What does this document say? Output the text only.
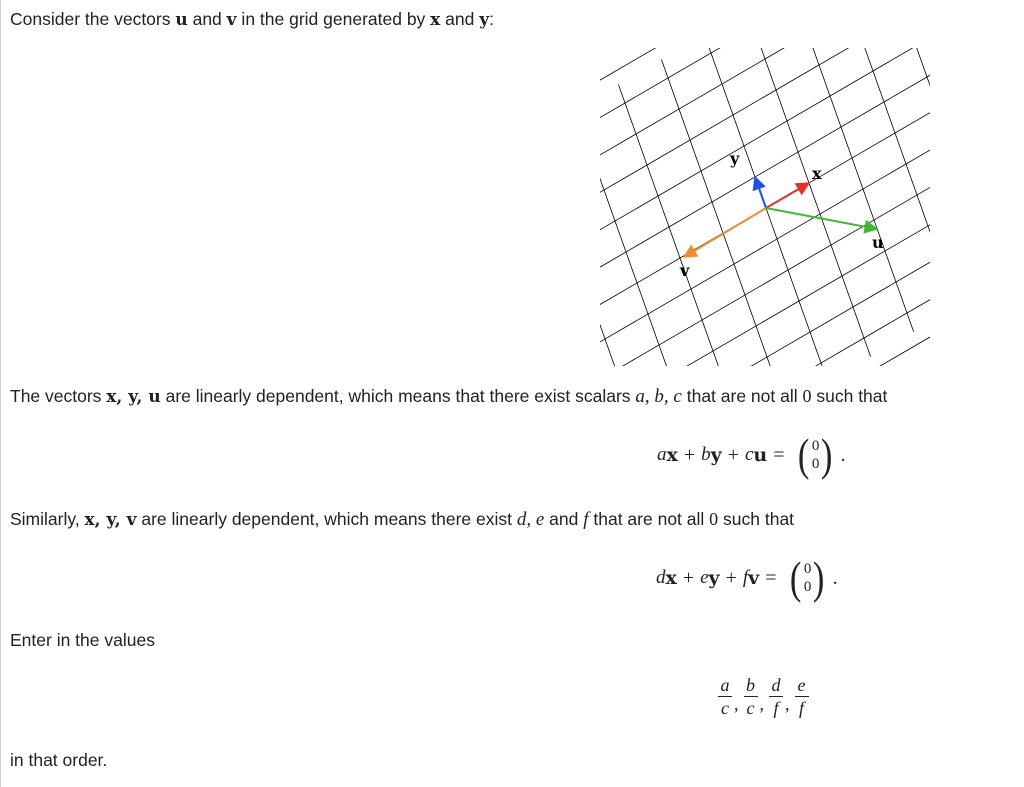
Consider the vectors u and v in the grid generated by x and y:
y
x
u
v
The vectors x, y, u are linearly dependent, which means that there exist scalars a, b, c that are not all 0 such that
a x + b y + c u = ( 0
0 ) .
Similarly, x, y, v are linearly dependent, which means there exist d, e and f that are not all 0 such that
d x + e y + f v = ( 0
0 ) .
Enter in the values
$\frac{a}{c}$ , $\frac{b}{c}$ , $\frac{d}{f}$ , $\frac{e}{f}$
in that order.
